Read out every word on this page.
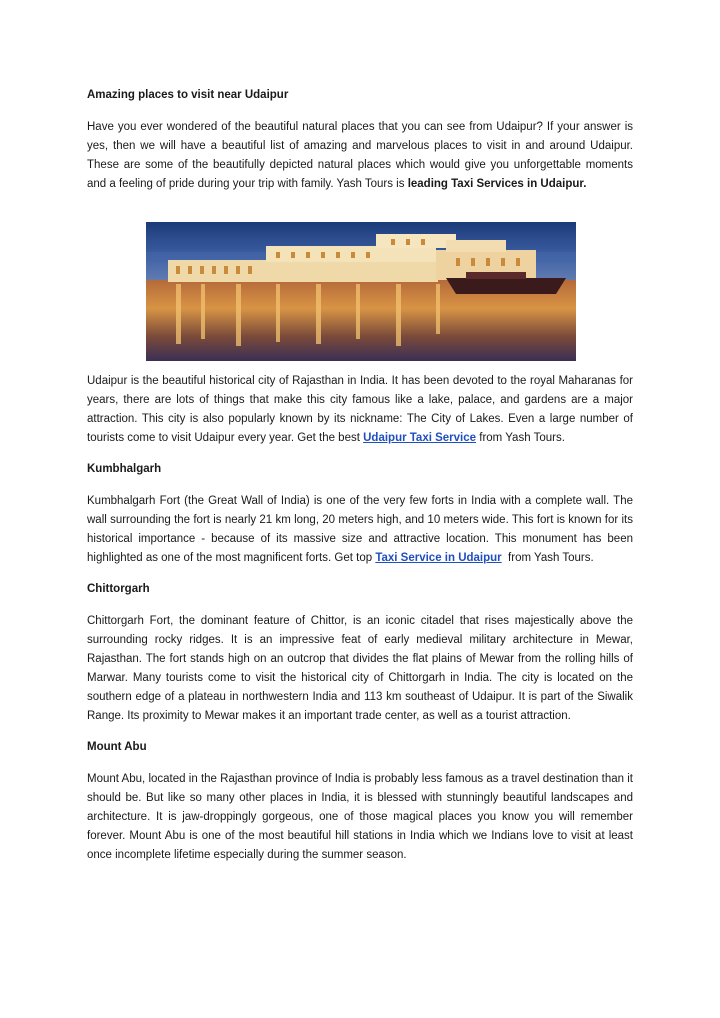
Amazing places to visit near Udaipur

Have you ever wondered of the beautiful natural places that you can see from Udaipur? If your answer is yes, then we will have a beautiful list of amazing and marvelous places to visit in and around Udaipur. These are some of the beautifully depicted natural places which would give you unforgettable moments and a feeling of pride during your trip with family. Yash Tours is leading Taxi Services in Udaipur.

Udaipur is the beautiful historical city of Rajasthan in India. It has been devoted to the royal Maharanas for years, there are lots of things that make this city famous like a lake, palace, and gardens are a major attraction. This city is also popularly known by its nickname: The City of Lakes. Even a large number of tourists come to visit Udaipur every year. Get the best Udaipur Taxi Service from Yash Tours.

Kumbhalgarh

Kumbhalgarh Fort (the Great Wall of India) is one of the very few forts in India with a complete wall. The wall surrounding the fort is nearly 21 km long, 20 meters high, and 10 meters wide. This fort is known for its historical importance - because of its massive size and attractive location. This monument has been highlighted as one of the most magnificent forts. Get top Taxi Service in Udaipur from Yash Tours.

Chittorgarh

Chittorgarh Fort, the dominant feature of Chittor, is an iconic citadel that rises majestically above the surrounding rocky ridges. It is an impressive feat of early medieval military architecture in Mewar, Rajasthan. The fort stands high on an outcrop that divides the flat plains of Mewar from the rolling hills of Marwar. Many tourists come to visit the historical city of Chittorgarh in India. The city is located on the southern edge of a plateau in northwestern India and 113 km southeast of Udaipur. It is part of the Siwalik Range. Its proximity to Mewar makes it an important trade center, as well as a tourist attraction.

Mount Abu

Mount Abu, located in the Rajasthan province of India is probably less famous as a travel destination than it should be. But like so many other places in India, it is blessed with stunningly beautiful landscapes and architecture. It is jaw-droppingly gorgeous, one of those magical places you know you will remember forever. Mount Abu is one of the most beautiful hill stations in India which we Indians love to visit at least once incomplete lifetime especially during the summer season.
